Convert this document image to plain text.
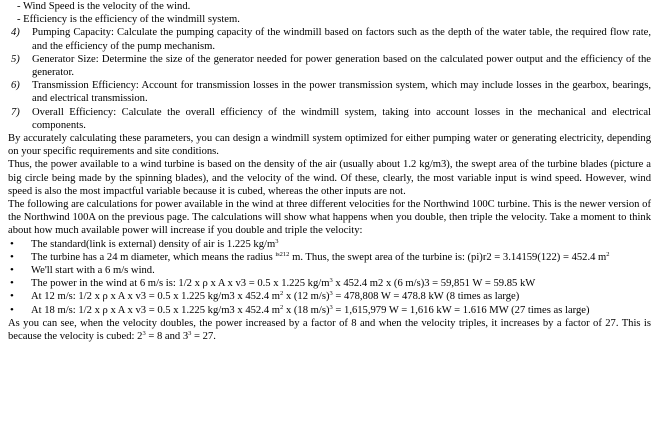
- Wind Speed is the velocity of the wind.

- Efficiency is the efficiency of the windmill system.

4)	Pumping Capacity: Calculate the pumping capacity of the windmill based on factors such as the depth of the water table, the required flow rate, and the efficiency of the pump mechanism.
5)	Generator Size: Determine the size of the generator needed for power generation based on the calculated power output and the efficiency of the generator.
6)	Transmission Efficiency: Account for transmission losses in the power transmission system, which may include losses in the gearbox, bearings, and electrical transmission.
7)	Overall Efficiency: Calculate the overall efficiency of the windmill system, taking into account losses in the mechanical and electrical components.

By accurately calculating these parameters, you can design a windmill system optimized for either pumping water or generating electricity, depending on your specific requirements and site conditions.

Thus, the power available to a wind turbine is based on the density of the air (usually about 1.2 kg/m3), the swept area of the turbine blades (picture a big circle being made by the spinning blades), and the velocity of the wind. Of these, clearly, the most variable input is wind speed. However, wind speed is also the most impactful variable because it is cubed, whereas the other inputs are not.

The following are calculations for power available in the wind at three different velocities for the Northwind 100C turbine. This is the newer version of the Northwind 100A on the previous page. The calculations will show what happens when you double, then triple the velocity. Take a moment to think about how much available power will increase if you double and triple the velocity:

•	The standard(link is external) density of air is 1.225 $kg/m^3$
•	The turbine has a 24 m diameter, which means the radius $^{is212}$ m. Thus, the swept area of the turbine is: (pi)r2 = 3.14159(122) = 452.4 $m^2$
•	We'll start with a 6 m/s wind.
•	The power in the wind at 6 m/s is: 1/2 x ρ x A x v3 = 0.5 x 1.225 $kg/m^3$ x 452.4 m2 x (6 m/s)3 = 59,851 W = 59.85 kW
•	At 12 m/s: 1/2 x ρ x A x v3 = 0.5 x 1.225 kg/m3 x 452.4 $m^2$ x (12 m/s)$^3$ = 478,808 W = 478.8 kW (8 times as large)
•	At 18 m/s: 1/2 x ρ x A x v3 = 0.5 x 1.225 kg/m3 x 452.4 $m^2$ x (18 m/s)$^3$ = 1,615,979 W = 1,616 kW = 1.616 MW (27 times as large)

As you can see, when the velocity doubles, the power increased by a factor of 8 and when the velocity triples, it increases by a factor of 27. This is because the velocity is cubed: $2^3 = 8$ and $3^3 = 27$.
